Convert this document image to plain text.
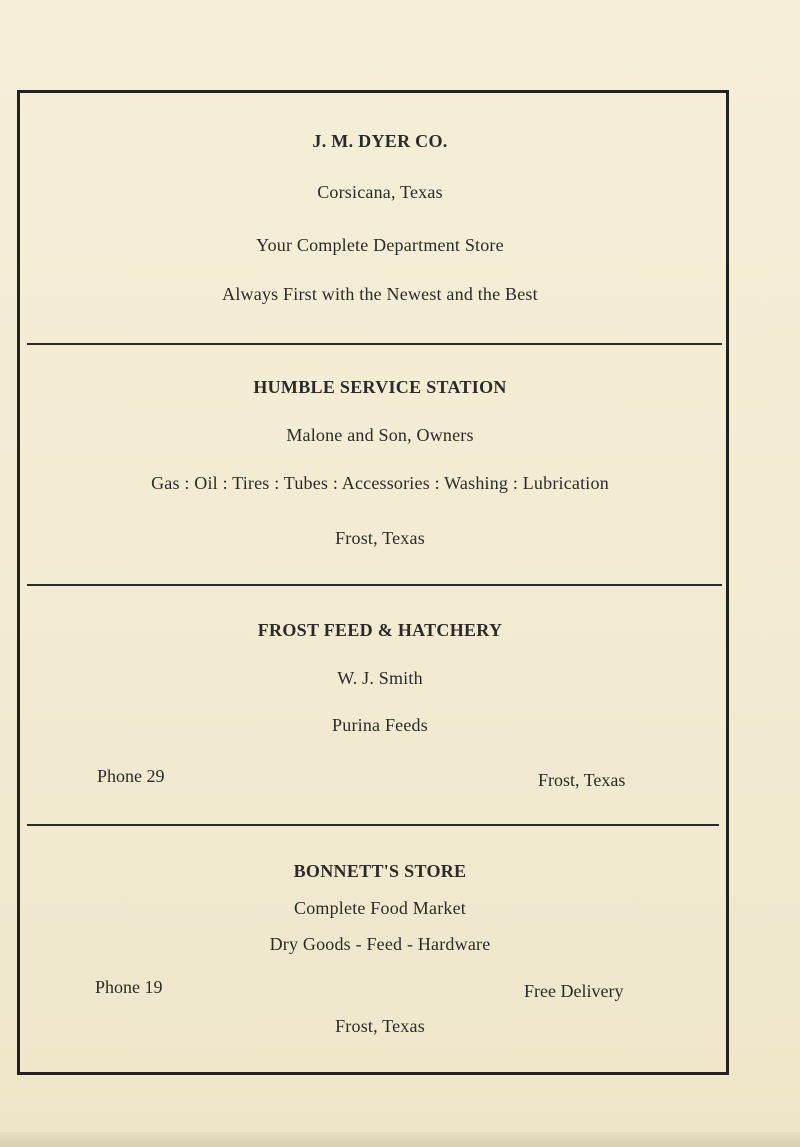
J. M. DYER CO.
Corsicana, Texas
Your Complete Department Store
Always First with the Newest and the Best
HUMBLE SERVICE STATION
Malone and Son, Owners
Gas : Oil : Tires : Tubes : Accessories : Washing : Lubrication
Frost, Texas
FROST FEED & HATCHERY
W. J. Smith
Purina Feeds
Phone 29	Frost, Texas
BONNETT'S STORE
Complete Food Market
Dry Goods - Feed - Hardware
Phone 19	Free Delivery
Frost, Texas
